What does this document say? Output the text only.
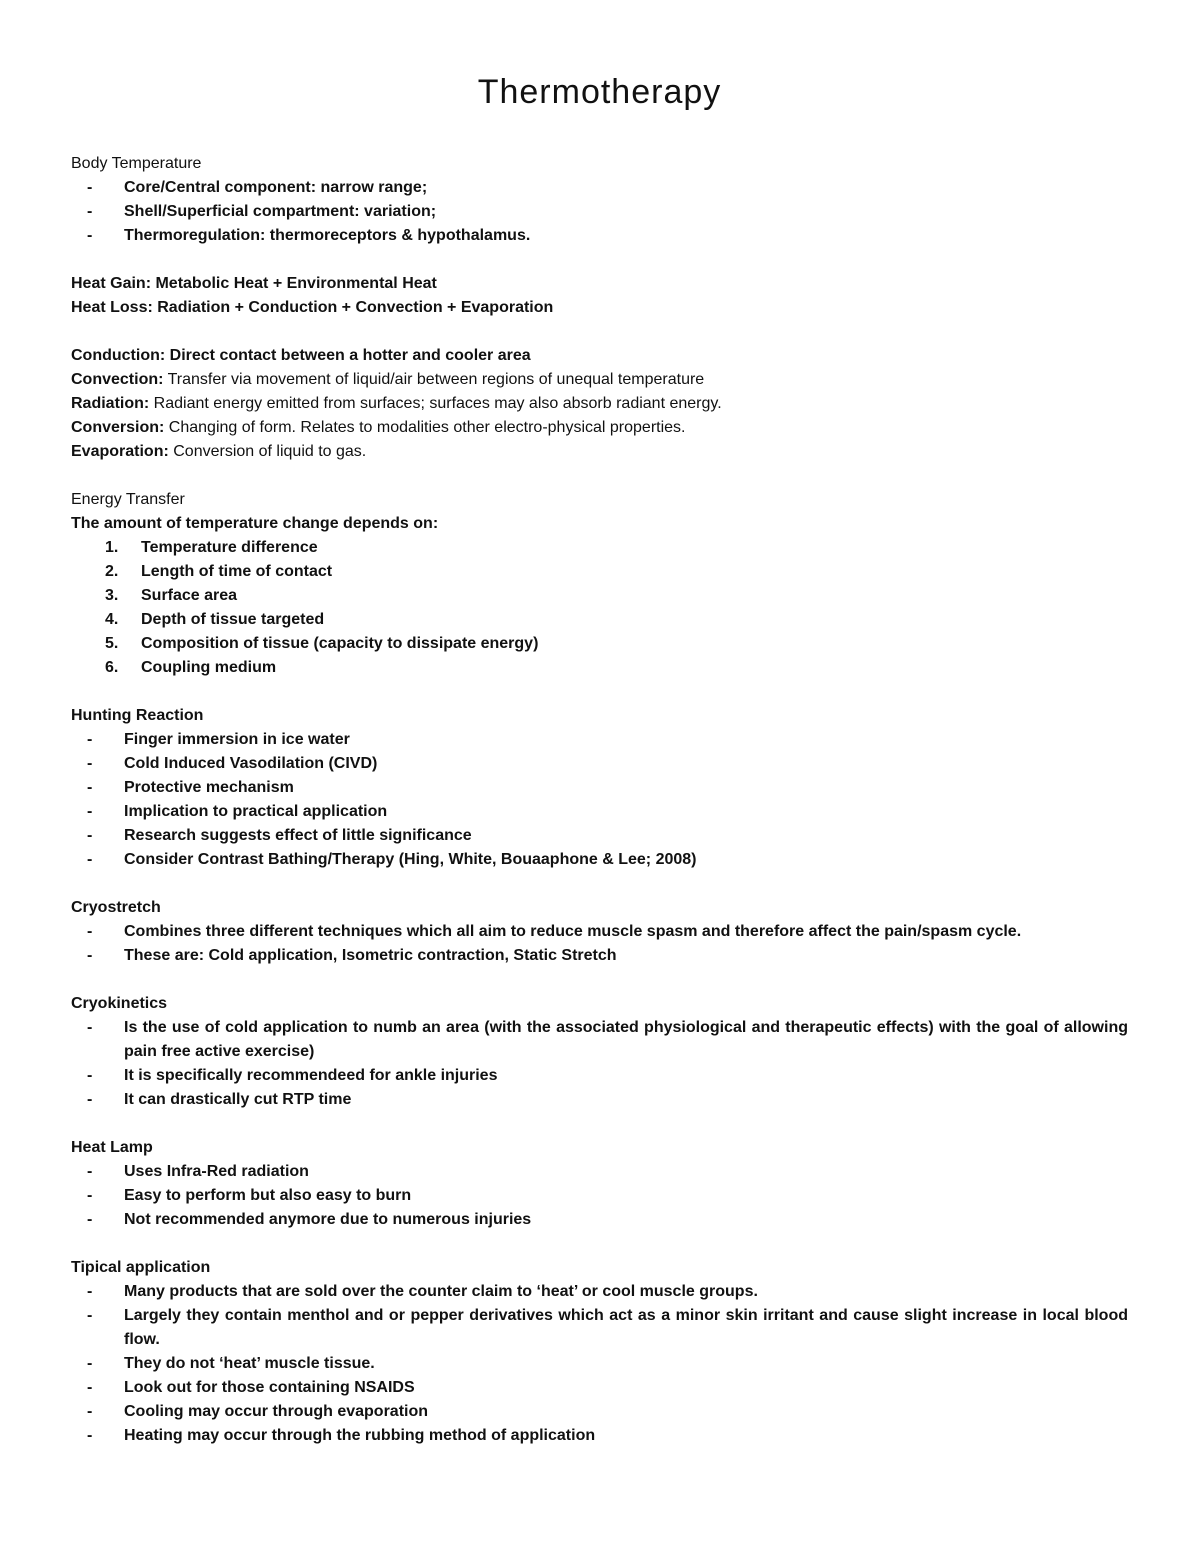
Thermotherapy
Body Temperature
- Core/Central component: narrow range;
- Shell/Superficial compartment: variation;
- Thermoregulation: thermoreceptors & hypothalamus.
Heat Gain: Metabolic Heat + Environmental Heat
Heat Loss: Radiation + Conduction + Convection + Evaporation
Conduction: Direct contact between a hotter and cooler area
Convection: Transfer via movement of liquid/air between regions of unequal temperature
Radiation: Radiant energy emitted from surfaces; surfaces may also absorb radiant energy.
Conversion: Changing of form. Relates to modalities other electro-physical properties.
Evaporation: Conversion of liquid to gas.
Energy Transfer
The amount of temperature change depends on:
1. Temperature difference
2. Length of time of contact
3. Surface area
4. Depth of tissue targeted
5. Composition of tissue (capacity to dissipate energy)
6. Coupling medium
Hunting Reaction
- Finger immersion in ice water
- Cold Induced Vasodilation (CIVD)
- Protective mechanism
- Implication to practical application
- Research suggests effect of little significance
- Consider Contrast Bathing/Therapy (Hing, White, Bouaaphone & Lee; 2008)
Cryostretch
- Combines three different techniques which all aim to reduce muscle spasm and therefore affect the pain/spasm cycle.
- These are: Cold application, Isometric contraction, Static Stretch
Cryokinetics
- Is the use of cold application to numb an area (with the associated physiological and therapeutic effects) with the goal of allowing pain free active exercise)
- It is specifically recommendeed for ankle injuries
- It can drastically cut RTP time
Heat Lamp
- Uses Infra-Red radiation
- Easy to perform but also easy to burn
- Not recommended anymore due to numerous injuries
Tipical application
- Many products that are sold over the counter claim to ‘heat’ or cool muscle groups.
- Largely they contain menthol and or pepper derivatives which act as a minor skin irritant and cause slight increase in local blood flow.
- They do not ‘heat’ muscle tissue.
- Look out for those containing NSAIDS
- Cooling may occur through evaporation
- Heating may occur through the rubbing method of application
